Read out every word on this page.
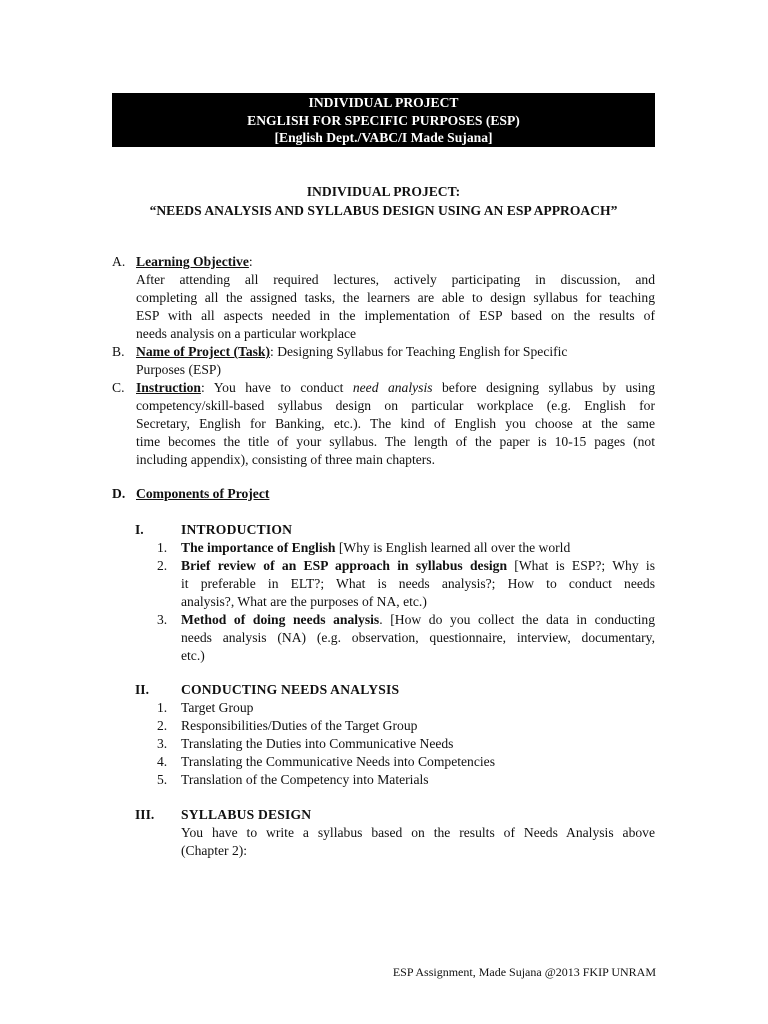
INDIVIDUAL PROJECT
ENGLISH FOR SPECIFIC PURPOSES (ESP)
[English Dept./VABC/I Made Sujana]
INDIVIDUAL PROJECT:
“NEEDS ANALYSIS AND SYLLABUS DESIGN USING AN ESP APPROACH”
A. Learning Objective:
After attending all required lectures, actively participating in discussion, and
completing all the assigned tasks, the learners are able to design syllabus for teaching
ESP with all aspects needed in the implementation of ESP based on the results of
needs analysis on a particular workplace
B. Name of Project (Task): Designing Syllabus for Teaching English for Specific
Purposes (ESP)
C. Instruction: You have to conduct need analysis before designing syllabus by using
competency/skill-based syllabus design on particular workplace (e.g. English for
Secretary, English for Banking, etc.). The kind of English you choose at the same
time becomes the title of your syllabus. The length of the paper is 10-15 pages (not
including appendix), consisting of three main chapters.
D. Components of Project
I.	INTRODUCTION
1. The importance of English [Why is English learned all over the world
2. Brief review of an ESP approach in syllabus design [What is ESP?; Why is
it preferable in ELT?; What is needs analysis?; How to conduct needs
analysis?, What are the purposes of NA, etc.)
3. Method of doing needs analysis. [How do you collect the data in conducting
needs analysis (NA) (e.g. observation, questionnaire, interview, documentary,
etc.)
II. CONDUCTING NEEDS ANALYSIS
1. Target Group
2. Responsibilities/Duties of the Target Group
3. Translating the Duties into Communicative Needs
4. Translating the Communicative Needs into Competencies
5. Translation of the Competency into Materials
III. SYLLABUS DESIGN
You have to write a syllabus based on the results of Needs Analysis above
(Chapter 2):
ESP Assignment, Made Sujana @2013 FKIP UNRAM
